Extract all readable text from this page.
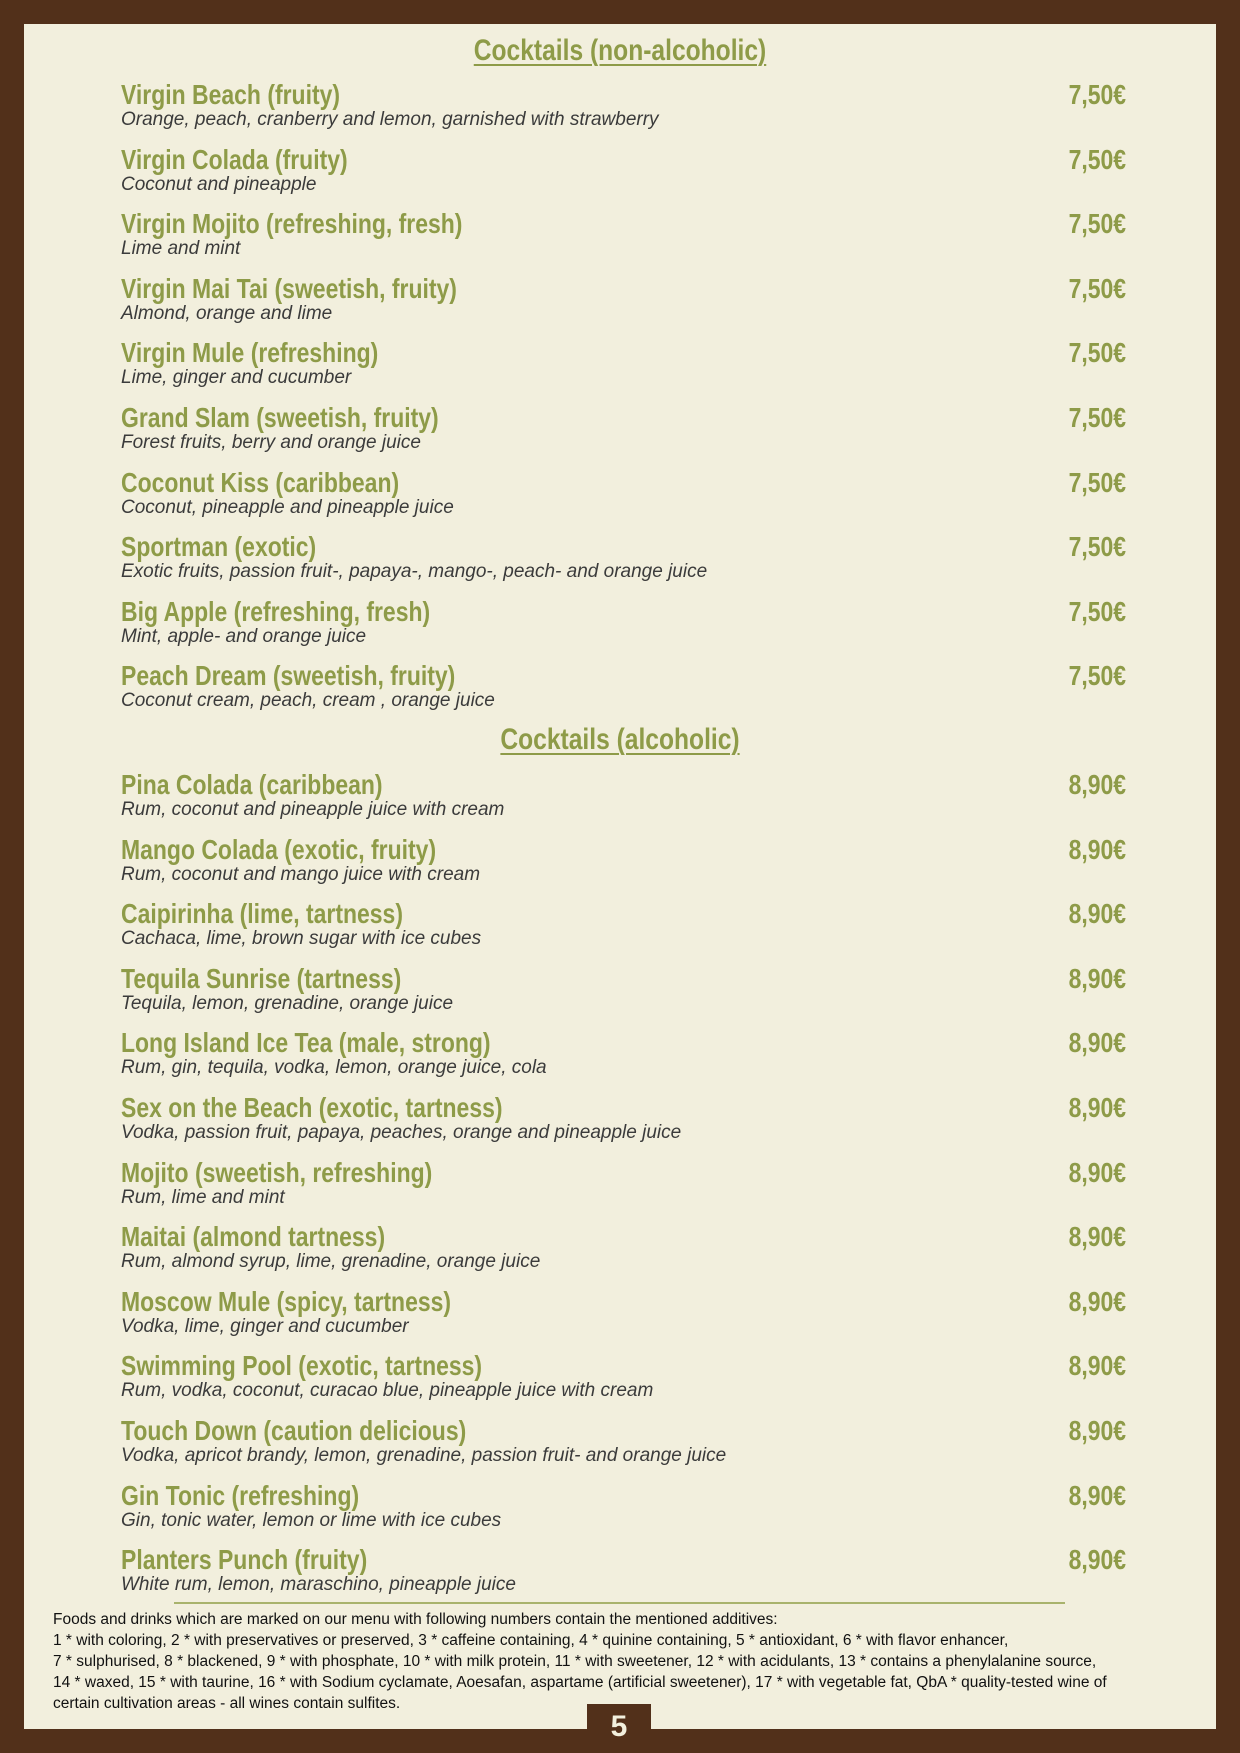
Cocktails (non-alcoholic)
Virgin Beach (fruity)
Orange, peach, cranberry and lemon, garnished with strawberry
7,50€
Virgin Colada (fruity)
Coconut and pineapple
7,50€
Virgin Mojito (refreshing, fresh)
Lime and mint
7,50€
Virgin Mai Tai (sweetish, fruity)
Almond, orange and lime
7,50€
Virgin Mule (refreshing)
Lime, ginger and cucumber
7,50€
Grand Slam (sweetish, fruity)
Forest fruits, berry and orange juice
7,50€
Coconut Kiss (caribbean)
Coconut, pineapple and pineapple juice
7,50€
Sportman (exotic)
Exotic fruits, passion fruit-, papaya-, mango-, peach- and orange juice
7,50€
Big Apple (refreshing, fresh)
Mint, apple- and orange juice
7,50€
Peach Dream (sweetish, fruity)
Coconut cream, peach, cream , orange juice
7,50€
Cocktails (alcoholic)
Pina Colada (caribbean)
Rum, coconut and pineapple juice with cream
8,90€
Mango Colada (exotic, fruity)
Rum, coconut and mango juice with cream
8,90€
Caipirinha (lime, tartness)
Cachaca, lime, brown sugar with ice cubes
8,90€
Tequila Sunrise (tartness)
Tequila, lemon, grenadine, orange juice
8,90€
Long Island Ice Tea (male, strong)
Rum, gin, tequila, vodka, lemon, orange juice, cola
8,90€
Sex on the Beach (exotic, tartness)
Vodka, passion fruit, papaya, peaches, orange and pineapple juice
8,90€
Mojito (sweetish, refreshing)
Rum, lime and mint
8,90€
Maitai (almond tartness)
Rum, almond syrup, lime, grenadine, orange juice
8,90€
Moscow Mule (spicy, tartness)
Vodka, lime, ginger and cucumber
8,90€
Swimming Pool (exotic, tartness)
Rum, vodka, coconut, curacao blue, pineapple juice with cream
8,90€
Touch Down (caution delicious)
Vodka, apricot brandy, lemon, grenadine, passion fruit- and orange juice
8,90€
Gin Tonic (refreshing)
Gin, tonic water, lemon or lime with ice cubes
8,90€
Planters Punch (fruity)
White rum, lemon, maraschino, pineapple juice
8,90€

Foods and drinks which are marked on our menu with following numbers contain the mentioned additives:

1 * with coloring, 2 * with preservatives or preserved, 3 * caffeine containing, 4 * quinine containing, 5 * antioxidant, 6 * with flavor enhancer,

7 * sulphurised, 8 * blackened, 9 * with phosphate, 10 * with milk protein, 11 * with sweetener, 12 * with acidulants, 13 * contains a phenylalanine source,

14 * waxed, 15 * with taurine, 16 * with Sodium cyclamate, Aoesafan, aspartame (artificial sweetener), 17 * with vegetable fat, QbA * quality-tested wine of

certain cultivation areas - all wines contain sulfites.

5
